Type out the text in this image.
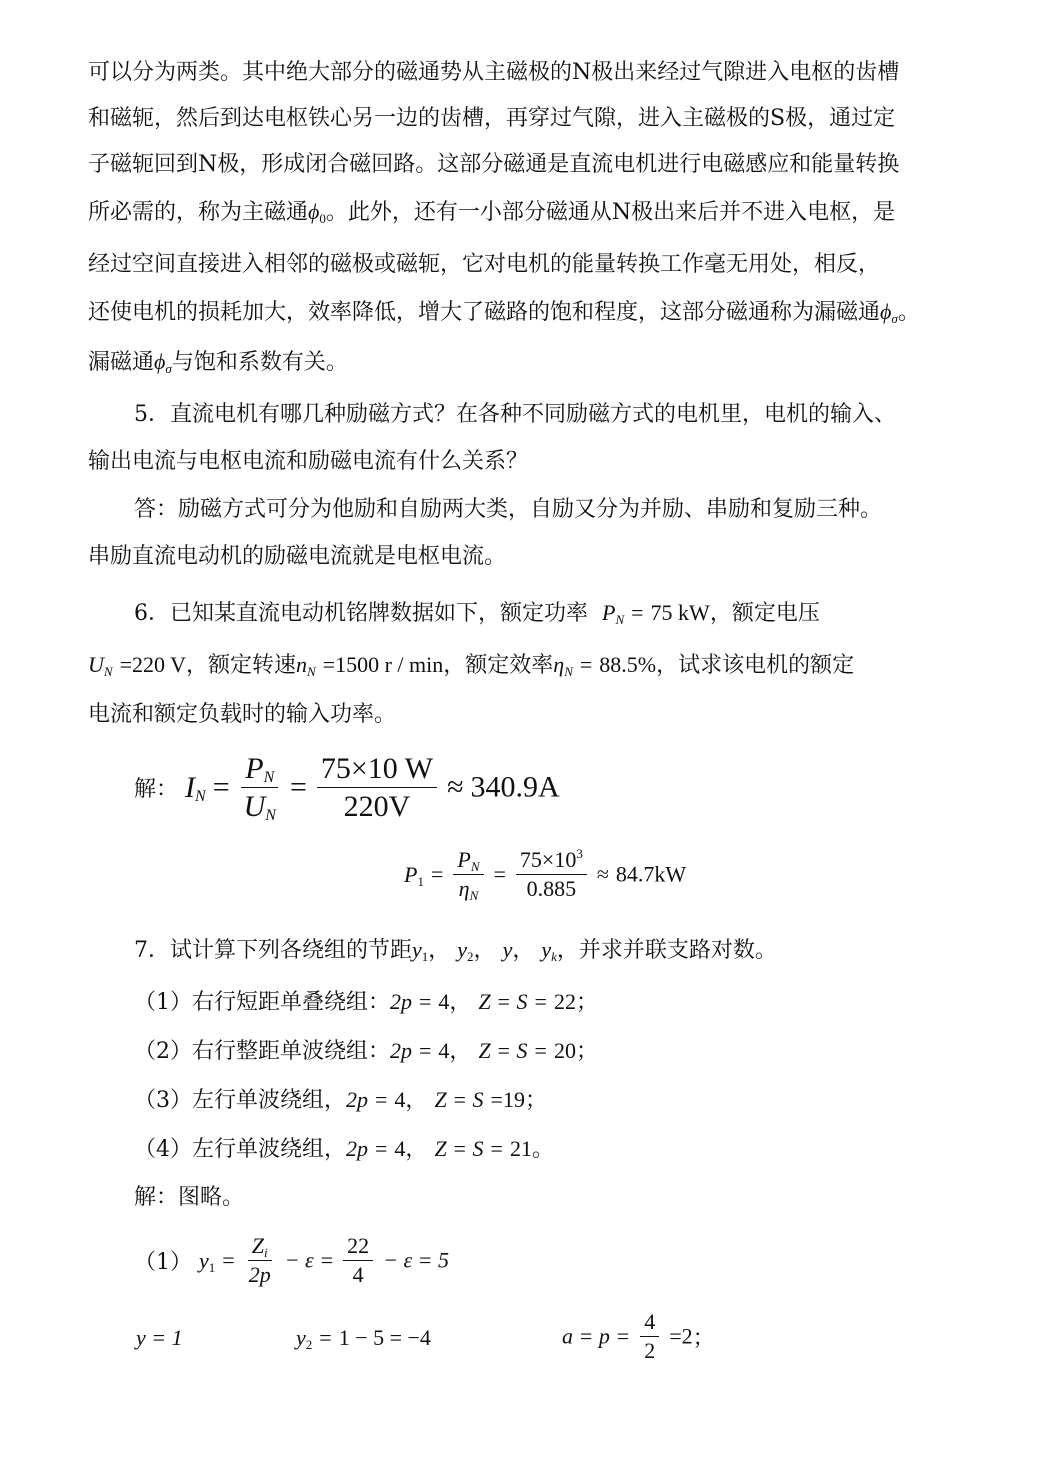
可以分为两类。其中绝大部分的磁通势从主磁极的N极出来经过气隙进入电枢的齿槽
和磁轭，然后到达电枢铁心另一边的齿槽，再穿过气隙，进入主磁极的S极，通过定
子磁轭回到N极，形成闭合磁回路。这部分磁通是直流电机进行电磁感应和能量转换
所必需的，称为主磁通$\phi_0$。此外，还有一小部分磁通从N极出来后并不进入电枢，是
经过空间直接进入相邻的磁极或磁轭，它对电机的能量转换工作毫无用处，相反，
还使电机的损耗加大，效率降低，增大了磁路的饱和程度，这部分磁通称为漏磁通$\phi_\sigma$。
漏磁通$\phi_\sigma$与饱和系数有关。
5．直流电机有哪几种励磁方式？在各种不同励磁方式的电机里，电机的输入、
输出电流与电枢电流和励磁电流有什么关系？
答：励磁方式可分为他励和自励两大类，自励又分为并励、串励和复励三种。
串励直流电动机的励磁电流就是电枢电流。
6．已知某直流电动机铭牌数据如下，额定功率 $P_N = 75$ kW，额定电压
$U_N =220$ V，额定转速$n_N =1500$ r / min，额定效率$\eta_N = 88.5\%$，试求该电机的额定
电流和额定负载时的输入功率。
解： $I_N = \frac{P_N}{U_N} = \frac{75\times 10 W}{220V} \approx 340.9A$
$P_1 = \frac{P_N}{\eta_N} = \frac{75\times 10^3}{0.885} \approx 84.7kW$
7．试计算下列各绕组的节距$y_1$， $y_2$， y， $y_k$，并求并联支路对数。
（1）右行短距单叠绕组：2p = 4， Z = S = 22；
（2）右行整距单波绕组：2p = 4， Z = S = 20；
（3）左行单波绕组，2p = 4， Z = S =19；
（4）左行单波绕组，2p = 4， Z = S = 21。
解：图略。
（1） $y_1 = \frac{Z_i}{2p} - \varepsilon = \frac{22}{4} - \varepsilon = 5$
y = 1	$y_2 = 1 - 5 = -4$	$a = p = \frac{4}{2} =2$；
